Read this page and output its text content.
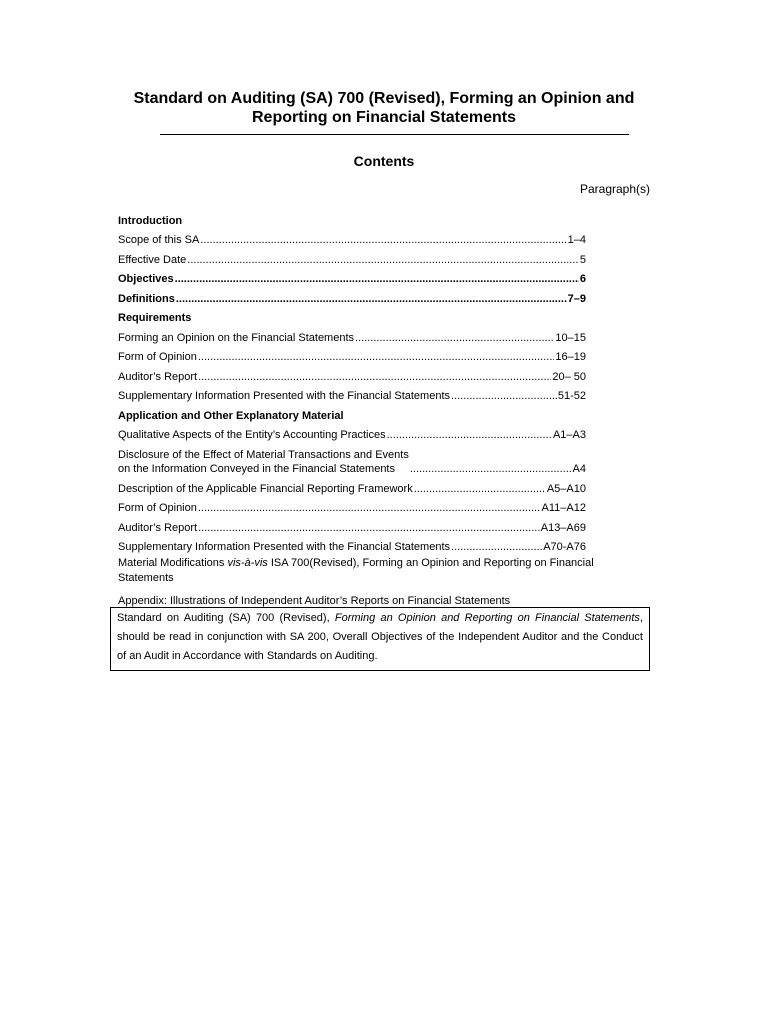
Standard on Auditing (SA) 700 (Revised), Forming an Opinion and
Reporting on Financial Statements
Contents
Paragraph(s)
Introduction
Scope of this SA .....	1–4
Effective Date .....	5
Objectives .....	6
Definitions .....	7–9
Requirements
Forming an Opinion on the Financial Statements .....	10–15
Form of Opinion .....	16–19
Auditor’s Report .....	20– 50
Supplementary Information Presented with the Financial Statements .....	51-52
Application and Other Explanatory Material
Qualitative Aspects of the Entity’s Accounting Practices .....	A1–A3
Disclosure of the Effect of Material Transactions and Events
on the Information Conveyed in the Financial Statements .....	A4
Description of the Applicable Financial Reporting Framework .....	A5–A10
Form of Opinion .....	A11–A12
Auditor’s Report .....	A13–A69
Supplementary Information Presented with the Financial Statements .....	A70-A76
Material Modifications vis-à-vis ISA 700(Revised), Forming an Opinion and Reporting on Financial Statements
Appendix: Illustrations of Independent Auditor’s Reports on Financial Statements
Standard on Auditing (SA) 700 (Revised), Forming an Opinion and Reporting on Financial Statements, should be read in conjunction with SA 200, Overall Objectives of the Independent Auditor and the Conduct of an Audit in Accordance with Standards on Auditing.
